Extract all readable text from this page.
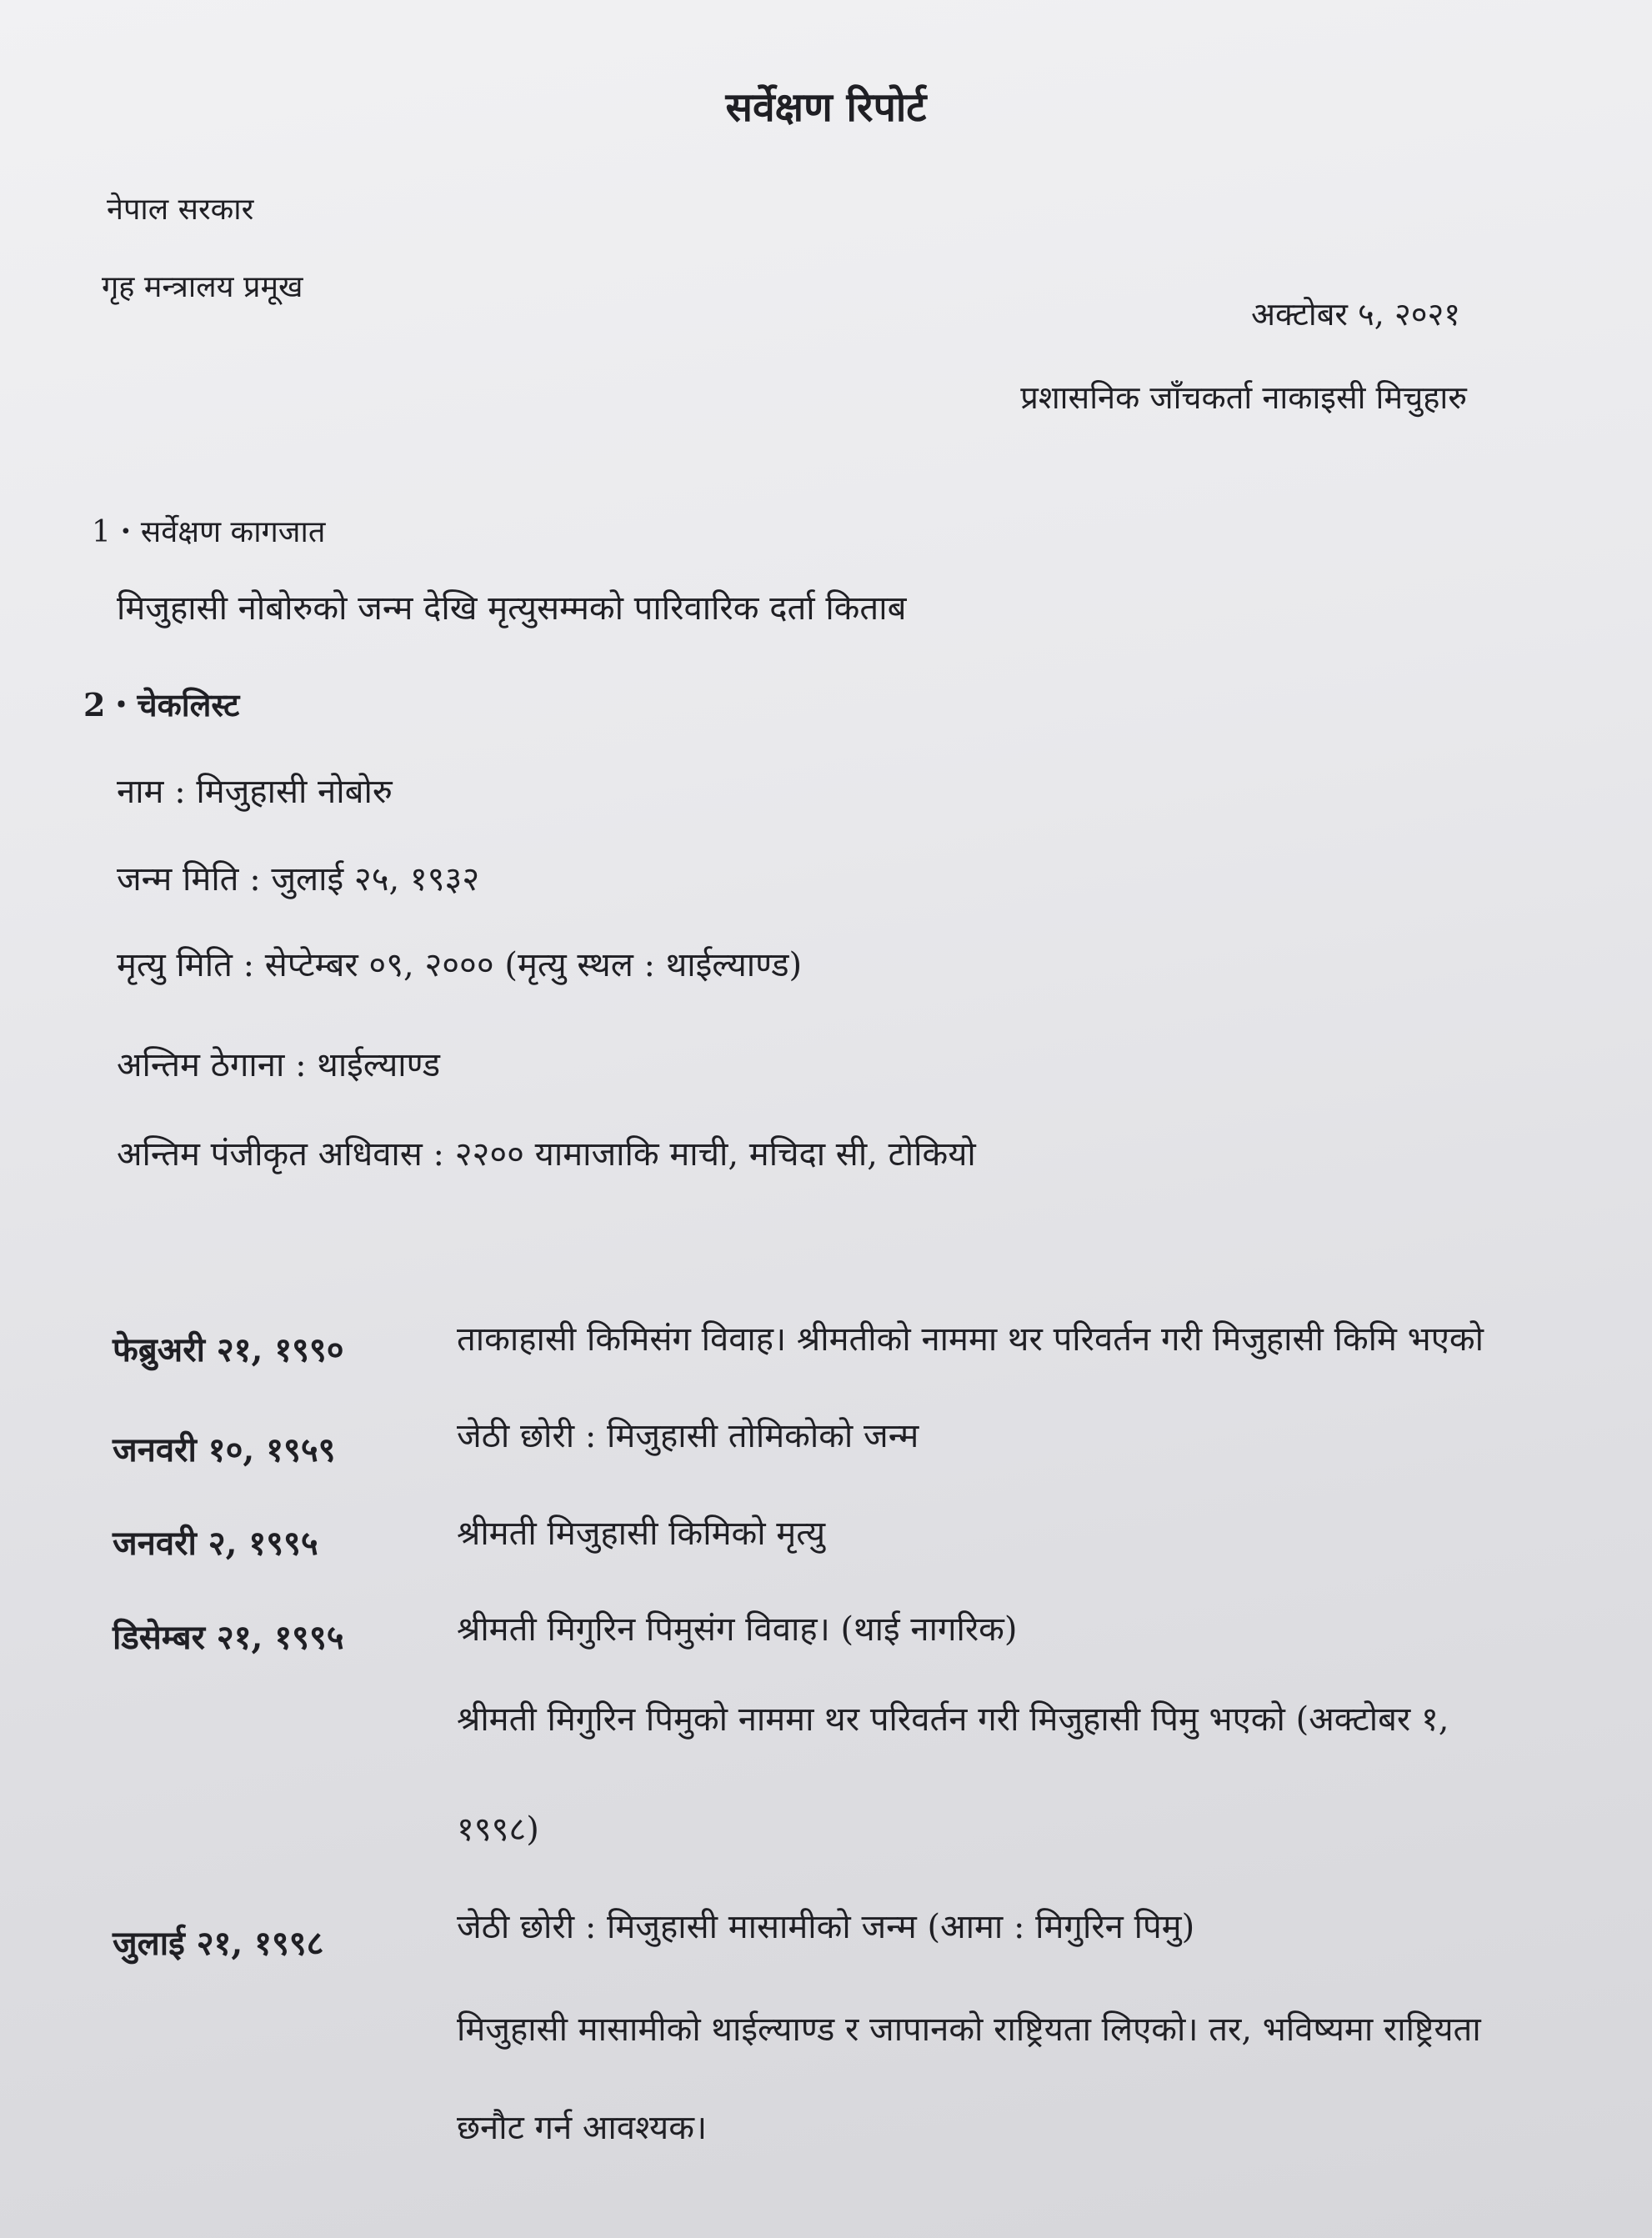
सर्वेक्षण रिपोर्ट
नेपाल सरकार
गृह मन्त्रालय प्रमूख
अक्टोबर ५, २०२१
प्रशासनिक जाँचकर्ता नाकाइसी मिचुहारु
1・सर्वेक्षण कागजात
मिजुहासी नोबोरुको जन्म देखि मृत्युसम्मको पारिवारिक दर्ता किताब
2・चेकलिस्ट
नाम : मिजुहासी नोबोरु
जन्म मिति : जुलाई २५, १९३२
मृत्यु मिति : सेप्टेम्बर ०९, २००० (मृत्यु स्थल : थाईल्याण्ड)
अन्तिम ठेगाना : थाईल्याण्ड
अन्तिम पंजीकृत अधिवास : २२०० यामाजाकि माची, मचिदा सी, टोकियो
फेब्रुअरी २१, १९९०	ताकाहासी किमिसंग विवाह। श्रीमतीको नाममा थर परिवर्तन गरी मिजुहासी किमि भएको
जनवरी १०, १९५९	जेठी छोरी : मिजुहासी तोमिकोको जन्म
जनवरी २, १९९५	श्रीमती मिजुहासी किमिको मृत्यु
डिसेम्बर २१, १९९५	श्रीमती मिगुरिन पिमुसंग विवाह। (थाई नागरिक)
श्रीमती मिगुरिन पिमुको नाममा थर परिवर्तन गरी मिजुहासी पिमु भएको (अक्टोबर १,
१९९८)
जुलाई २१, १९९८	जेठी छोरी : मिजुहासी मासामीको जन्म (आमा : मिगुरिन पिमु)
मिजुहासी मासामीको थाईल्याण्ड र जापानको राष्ट्रियता लिएको। तर, भविष्यमा राष्ट्रियता
छनौट गर्न आवश्यक।
